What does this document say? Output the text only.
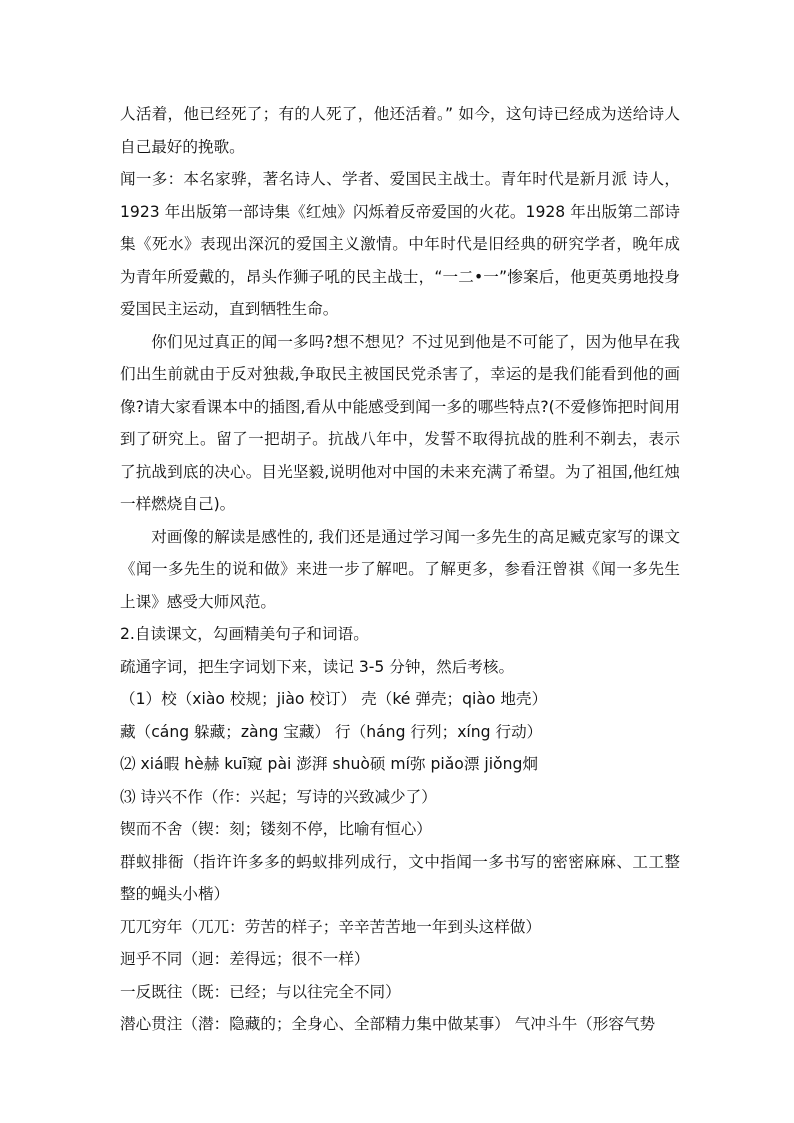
人活着，他已经死了；有的人死了，他还活着。” 如今，这句诗已经成为送给诗人自己最好的挽歌。

闻一多：本名家骅，著名诗人、学者、爱国民主战士。青年时代是新月派 诗人，1923 年出版第一部诗集《红烛》闪烁着反帝爱国的火花。1928 年出版第二部诗集《死水》表现出深沉的爱国主义激情。中年时代是旧经典的研究学者，晚年成为青年所爱戴的，昂头作狮子吼的民主战士，“一二•一”惨案后，他更英勇地投身爱国民主运动，直到牺牲生命。

你们见过真正的闻一多吗?想不想见？不过见到他是不可能了，因为他早在我们出生前就由于反对独裁,争取民主被国民党杀害了，幸运的是我们能看到他的画像?请大家看课本中的插图,看从中能感受到闻一多的哪些特点?(不爱修饰把时间用到了研究上。留了一把胡子。抗战八年中，发誓不取得抗战的胜利不剃去，表示了抗战到底的决心。目光坚毅,说明他对中国的未来充满了希望。为了祖国,他红烛一样燃烧自己)。

对画像的解读是感性的, 我们还是通过学习闻一多先生的高足臧克家写的课文《闻一多先生的说和做》来进一步了解吧。了解更多，参看汪曾祺《闻一多先生上课》感受大师风范。

2.自读课文，勾画精美句子和词语。

疏通字词，把生字词划下来，读记 3-5 分钟，然后考核。

（1）校（xiào 校规；jiào 校订） 壳（ké 弹壳；qiào 地壳）

藏（cáng 躲藏；zàng 宝藏） 行（háng 行列；xíng 行动）

⑵ xiá暇 hè赫 kuī窥 pài 澎湃 shuò硕 mí弥 piǎo漂 jiǒng炯

⑶ 诗兴不作（作：兴起；写诗的兴致减少了）

锲而不舍（锲：刻；镂刻不停，比喻有恒心）

群蚁排衙（指许许多多的蚂蚁排列成行，文中指闻一多书写的密密麻麻、工工整整的蝇头小楷）

兀兀穷年（兀兀：劳苦的样子；辛辛苦苦地一年到头这样做）

迥乎不同（迥：差得远；很不一样）

一反既往（既：已经；与以往完全不同）

潜心贯注（潜：隐藏的；全身心、全部精力集中做某事） 气冲斗牛（形容气势
